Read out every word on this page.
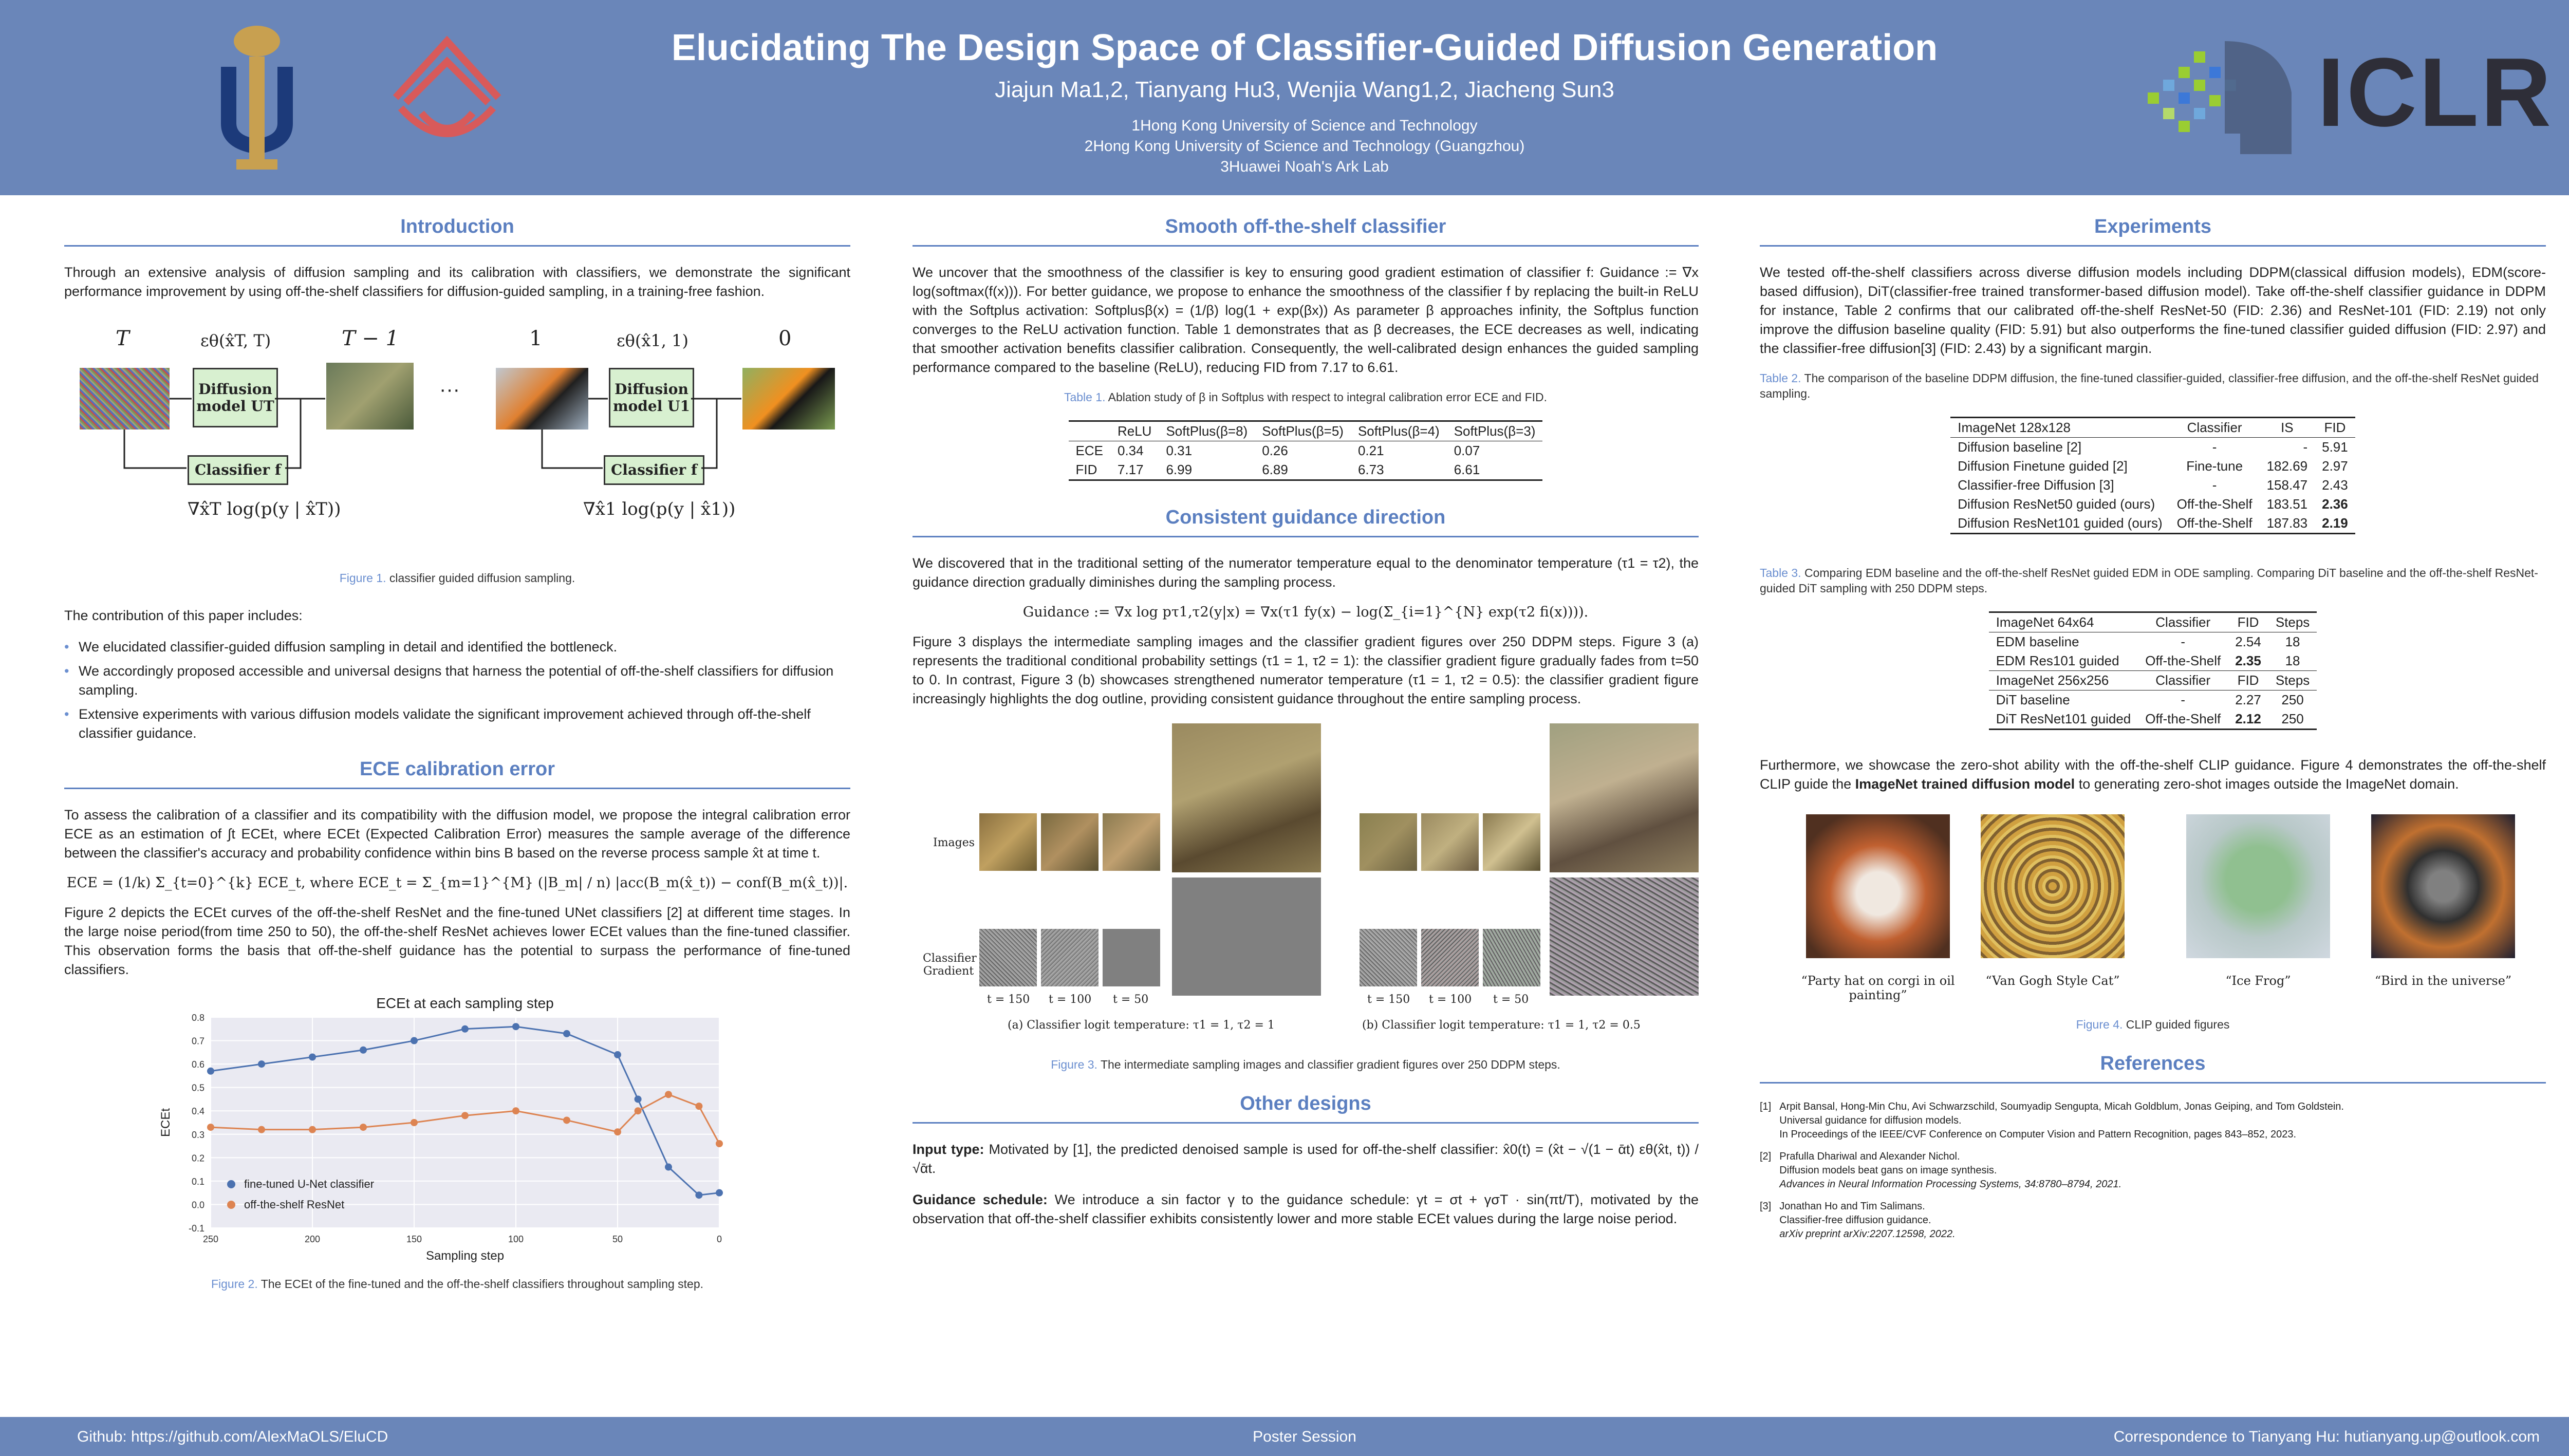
Elucidating The Design Space of Classifier-Guided Diffusion Generation
Jiajun Ma1,2, Tianyang Hu3, Wenjia Wang1,2, Jiacheng Sun3
1Hong Kong University of Science and Technology
2Hong Kong University of Science and Technology (Guangzhou)
3Huawei Noah's Ark Lab
ICLR
Introduction

Through an extensive analysis of diffusion sampling and its calibration with classifiers, we demonstrate the significant performance improvement by using off-the-shelf classifiers for diffusion-guided sampling, in a training-free fashion.

T	T − 1	1	0
εθ(x̂T, T)	εθ(x̂1, 1)
Diffusion model UT
···	Diffusion model U1
Classifier f	Classifier f
∇x̂T log(p(y | x̂T))	∇x̂1 log(p(y | x̂1))
Figure 1. classifier guided diffusion sampling.

The contribution of this paper includes:

• We elucidated classifier-guided diffusion sampling in detail and identified the bottleneck.
• We accordingly proposed accessible and universal designs that harness the potential of off-the-shelf classifiers for diffusion sampling.
• Extensive experiments with various diffusion models validate the significant improvement achieved through off-the-shelf classifier guidance.
ECE calibration error

To assess the calibration of a classifier and its compatibility with the diffusion model, we propose the integral calibration error ECE as an estimation of ∫t ECEt, where ECEt (Expected Calibration Error) measures the sample average of the difference between the classifier's accuracy and probability confidence within bins B based on the reverse process sample x̂t at time t.

ECE = (1/k) Σ_{t=0}^{k} ECE_t, where ECE_t = Σ_{m=1}^{M} (|B_m| / n) |acc(B_m(x̂_t)) − conf(B_m(x̂_t))|.

Figure 2 depicts the ECEt curves of the off-the-shelf ResNet and the fine-tuned UNet classifiers [2] at different time stages. In the large noise period(from time 250 to 50), the off-the-shelf ResNet achieves lower ECEt values than the fine-tuned classifier. This observation forms the basis that off-the-shelf guidance has the potential to surpass the performance of fine-tuned classifiers.

-0.1
0.0
0.1
0.2
0.3
0.4
0.5
0.6
0.7
0.8
250	200	150	100	50	0
ECEt at each sampling step
Sampling step
ECEt
fine-tuned U-Net classifier
off-the-shelf ResNet
Figure 2. The ECEt of the fine-tuned and the off-the-shelf classifiers throughout sampling step.
Smooth off-the-shelf classifier

We uncover that the smoothness of the classifier is key to ensuring good gradient estimation of classifier f: Guidance := ∇x log(softmax(f(x))). For better guidance, we propose to enhance the smoothness of the classifier f by replacing the built-in ReLU with the Softplus activation: Softplusβ(x) = (1/β) log(1 + exp(βx)) As parameter β approaches infinity, the Softplus function converges to the ReLU activation function. Table 1 demonstrates that as β decreases, the ECE decreases as well, indicating that smoother activation benefits classifier calibration. Consequently, the well-calibrated design enhances the guided sampling performance compared to the baseline (ReLU), reducing FID from 7.17 to 6.61.

Table 1. Ablation study of β in Softplus with respect to integral calibration error ECE and FID.
	ReLU	SoftPlus(β=8)	SoftPlus(β=5)	SoftPlus(β=4)	SoftPlus(β=3)
ECE	0.34	0.31	0.26	0.21	0.07
FID	7.17	6.99	6.89	6.73	6.61
Consistent guidance direction

We discovered that in the traditional setting of the numerator temperature equal to the denominator temperature (τ1 = τ2), the guidance direction gradually diminishes during the sampling process.

Guidance := ∇x log pτ1,τ2(y|x) = ∇x(τ1 fy(x) − log(Σ_{i=1}^{N} exp(τ2 fi(x)))).

Figure 3 displays the intermediate sampling images and the classifier gradient figures over 250 DDPM steps. Figure 3 (a) represents the traditional conditional probability settings (τ1 = 1, τ2 = 1): the classifier gradient figure gradually fades from t=50 to 0. In contrast, Figure 3 (b) showcases strengthened numerator temperature (τ1 = 1, τ2 = 0.5): the classifier gradient figure increasingly highlights the dog outline, providing consistent guidance throughout the entire sampling process.

Images
Classifier Gradient
t = 150 t = 100 t = 50
(a) Classifier logit temperature: τ1 = 1, τ2 = 1
t = 150 t = 100 t = 50
(b) Classifier logit temperature: τ1 = 1, τ2 = 0.5
Figure 3. The intermediate sampling images and classifier gradient figures over 250 DDPM steps.
Other designs

Input type: Motivated by [1], the predicted denoised sample is used for off-the-shelf classifier: x̂0(t) = (x̂t − √(1 − ᾱt) εθ(x̂t, t)) / √ᾱt.

Guidance schedule: We introduce a sin factor γ to the guidance schedule: γt = σt + γσT · sin(πt/T), motivated by the observation that off-the-shelf classifier exhibits consistently lower and more stable ECEt values during the large noise period.

Experiments

We tested off-the-shelf classifiers across diverse diffusion models including DDPM(classical diffusion models), EDM(score-based diffusion), DiT(classifier-free trained transformer-based diffusion model). Take off-the-shelf classifier guidance in DDPM for instance, Table 2 confirms that our calibrated off-the-shelf ResNet-50 (FID: 2.36) and ResNet-101 (FID: 2.19) not only improve the diffusion baseline quality (FID: 5.91) but also outperforms the fine-tuned classifier guided diffusion (FID: 2.97) and the classifier-free diffusion[3] (FID: 2.43) by a significant margin.

Table 2. The comparison of the baseline DDPM diffusion, the fine-tuned classifier-guided, classifier-free diffusion, and the off-the-shelf ResNet guided sampling.
ImageNet 128x128	Classifier	IS	FID
Diffusion baseline [2]	-	-	5.91
Diffusion Finetune guided [2]	Fine-tune	182.69	2.97
Classifier-free Diffusion [3]	-	158.47	2.43
Diffusion ResNet50 guided (ours)	Off-the-Shelf	183.51	2.36
Diffusion ResNet101 guided (ours)	Off-the-Shelf	187.83	2.19
Table 3. Comparing EDM baseline and the off-the-shelf ResNet guided EDM in ODE sampling. Comparing DiT baseline and the off-the-shelf ResNet-guided DiT sampling with 250 DDPM steps.
ImageNet 64x64	Classifier	FID	Steps
EDM baseline	-	2.54	18
EDM Res101 guided	Off-the-Shelf	2.35	18
ImageNet 256x256	Classifier	FID	Steps
DiT baseline	-	2.27	250
DiT ResNet101 guided	Off-the-Shelf	2.12	250

Furthermore, we showcase the zero-shot ability with the off-the-shelf CLIP guidance. Figure 4 demonstrates the off-the-shelf CLIP guide the ImageNet trained diffusion model to generating zero-shot images outside the ImageNet domain.

“Party hat on corgi in oil painting”
“Van Gogh Style Cat”	“Ice Frog”	“Bird in the universe”
Figure 4. CLIP guided figures
References
[1] Arpit Bansal, Hong-Min Chu, Avi Schwarzschild, Soumyadip Sengupta, Micah Goldblum, Jonas Geiping, and Tom Goldstein.
Universal guidance for diffusion models.
In Proceedings of the IEEE/CVF Conference on Computer Vision and Pattern Recognition, pages 843–852, 2023.
[2] Prafulla Dhariwal and Alexander Nichol.
Diffusion models beat gans on image synthesis.
Advances in Neural Information Processing Systems, 34:8780–8794, 2021.
[3] Jonathan Ho and Tim Salimans.
Classifier-free diffusion guidance.
arXiv preprint arXiv:2207.12598, 2022.
Github: https://github.com/AlexMaOLS/EluCD	Poster Session	Correspondence to Tianyang Hu: hutianyang.up@outlook.com
